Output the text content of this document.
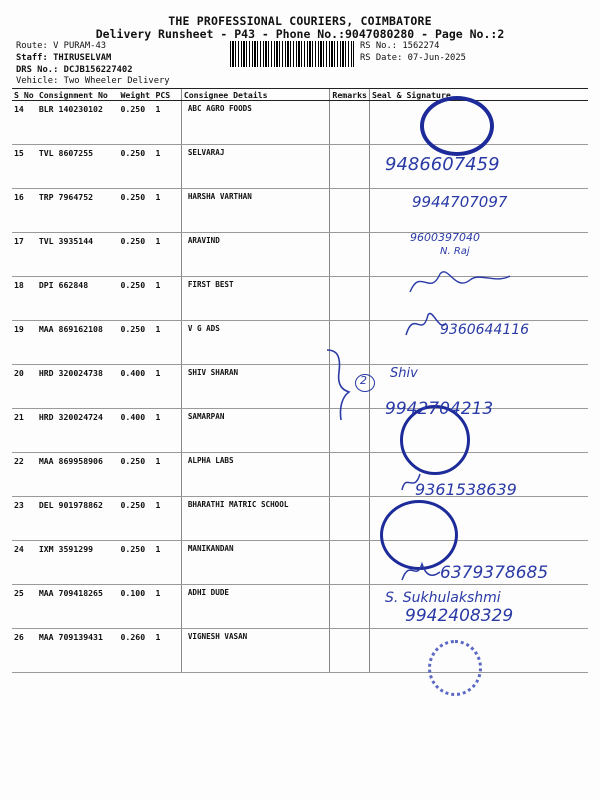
THE PROFESSIONAL COURIERS, COIMBATORE
Delivery Runsheet - P43 - Phone No.:9047080280 - Page No.:2
Route: V PURAM-43
Staff: THIRUSELVAM
DRS No.: DCJB156227402
Vehicle: Two Wheeler Delivery
RS No.: 1562274
RS Date: 07-Jun-2025
S No	Consignment No	Weight	PCS	Consignee Details	Remarks	Seal & Signature
14	BLR 140230102	0.250	1	ABC AGRO FOODS		
15	TVL 8607255	0.250	1	SELVARAJ		
16	TRP 7964752	0.250	1	HARSHA VARTHAN		
17	TVL 3935144	0.250	1	ARAVIND		
18	DPI 662848	0.250	1	FIRST BEST		
19	MAA 869162108	0.250	1	V G ADS		
20	HRD 320024738	0.400	1	SHIV SHARAN		
21	HRD 320024724	0.400	1	SAMARPAN		
22	MAA 869958906	0.250	1	ALPHA LABS		
23	DEL 901978862	0.250	1	BHARATHI MATRIC SCHOOL		
24	IXM 3591299	0.250	1	MANIKANDAN		
25	MAA 709418265	0.100	1	ADHI DUDE		
26	MAA 709139431	0.260	1	VIGNESH VASAN		
2
9486607459
9944707097
9600397040
N. Raj
9360644116
Shiv
9942704213
9361538639
6379378685
S. Sukhulakshmi
9942408329
